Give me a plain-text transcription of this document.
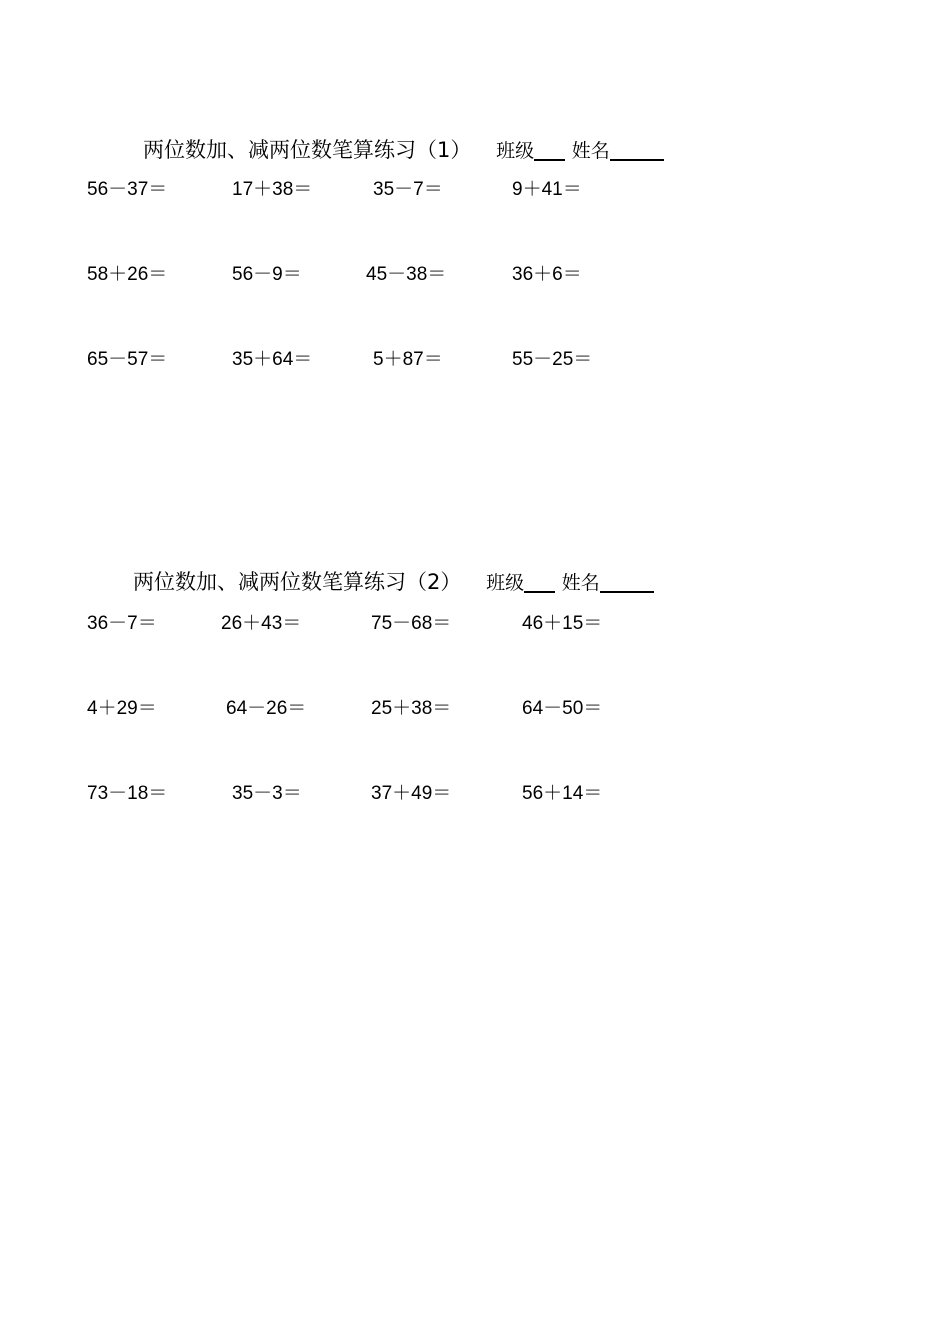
两位数加、减两位数笔算练习（1） 班级 姓名
56－37＝	17＋38＝	35－7＝	9＋41＝
58＋26＝	56－9＝	45－38＝	36＋6＝
65－57＝	35＋64＝	5＋87＝	55－25＝
两位数加、减两位数笔算练习（2） 班级 姓名
36－7＝	26＋43＝	75－68＝	46＋15＝
4＋29＝	64－26＝	25＋38＝	64－50＝
73－18＝	35－3＝	37＋49＝	56＋14＝
